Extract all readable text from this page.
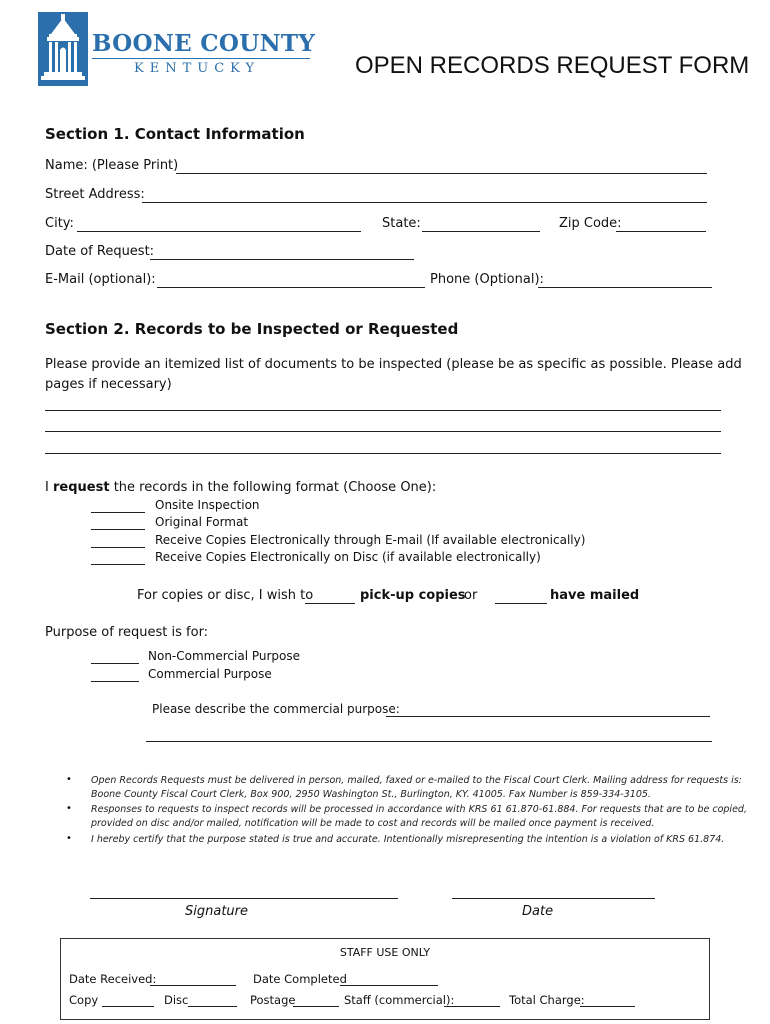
BOONE COUNTY
KENTUCKY	OPEN RECORDS REQUEST FORM
Section 1. Contact Information
Name: (Please Print)
Street Address:
City:	State:	Zip Code:
Date of Request:
E-Mail (optional):	Phone (Optional):
Section 2. Records to be Inspected or Requested
Please provide an itemized list of documents to be inspected (please be as specific as possible. Please add
pages if necessary)
I request the records in the following format (Choose One):
Onsite Inspection
Original Format
Receive Copies Electronically through E-mail (If available electronically)
Receive Copies Electronically on Disc (if available electronically)
For copies or disc, I wish to	pick-up copies
or	have mailed
Purpose of request is for:
Non-Commercial Purpose
Commercial Purpose
Please describe the commercial purpose:
• Open Records Requests must be delivered in person, mailed, faxed or e-mailed to the Fiscal Court Clerk. Mailing address for requests is:
Boone County Fiscal Court Clerk, Box 900, 2950 Washington St., Burlington, KY. 41005. Fax Number is 859-334-3105.
• Responses to requests to inspect records will be processed in accordance with KRS 61 61.870-61.884. For requests that are to be copied,
provided on disc and/or mailed, notification will be made to cost and records will be mailed once payment is received.
• I hereby certify that the purpose stated is true and accurate. Intentionally misrepresenting the intention is a violation of KRS 61.874.
Signature	Date
STAFF USE ONLY
Date Received:	Date Completed
Copy	Disc	Postage	Staff (commercial):	Total Charge:
